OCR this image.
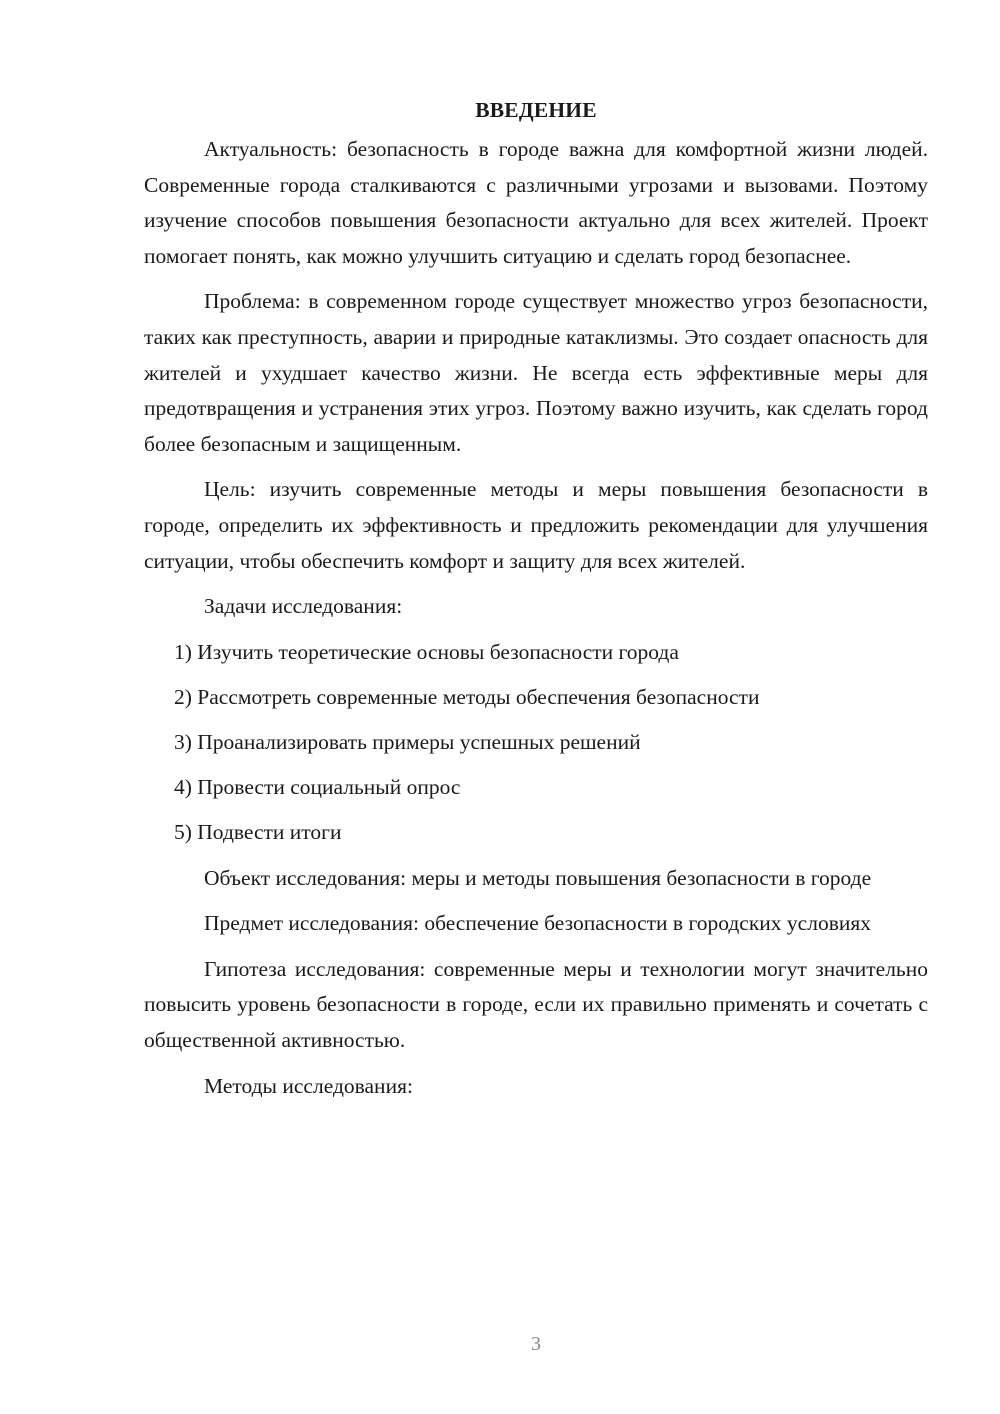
ВВЕДЕНИЕ

Актуальность: безопасность в городе важна для комфортной жизни людей. Современные города сталкиваются с различными угрозами и вызовами. Поэтому изучение способов повышения безопасности актуально для всех жителей. Проект помогает понять, как можно улучшить ситуацию и сделать город безопаснее.

Проблема: в современном городе существует множество угроз безопасности, таких как преступность, аварии и природные катаклизмы. Это создает опасность для жителей и ухудшает качество жизни. Не всегда есть эффективные меры для предотвращения и устранения этих угроз. Поэтому важно изучить, как сделать город более безопасным и защищенным.

Цель: изучить современные методы и меры повышения безопасности в городе, определить их эффективность и предложить рекомендации для улучшения ситуации, чтобы обеспечить комфорт и защиту для всех жителей.

Задачи исследования:

1) Изучить теоретические основы безопасности города
2) Рассмотреть современные методы обеспечения безопасности
3) Проанализировать примеры успешных решений
4) Провести социальный опрос
5) Подвести итоги

Объект исследования: меры и методы повышения безопасности в городе

Предмет исследования: обеспечение безопасности в городских условиях

Гипотеза исследования: современные меры и технологии могут значительно повысить уровень безопасности в городе, если их правильно применять и сочетать с общественной активностью.

Методы исследования:

3
